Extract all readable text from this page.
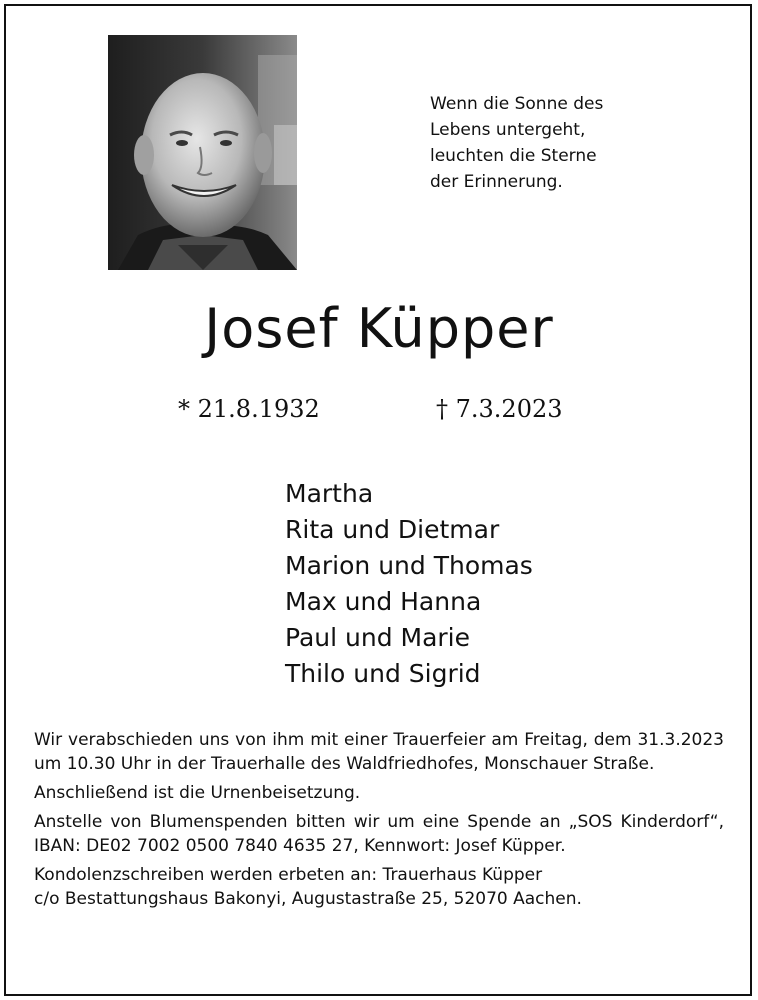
Wenn die Sonne des
Lebens untergeht,
leuchten die Sterne
der Erinnerung.
Josef Küpper
* 21.8.1932	† 7.3.2023
Martha
Rita und Dietmar
Marion und Thomas
Max und Hanna
Paul und Marie
Thilo und Sigrid

Wir verabschieden uns von ihm mit einer Trauerfeier am Freitag, dem 31.3.2023 um 10.30 Uhr in der Trauerhalle des Waldfriedhofes, Monschauer Straße.

Anschließend ist die Urnenbeisetzung.

Anstelle von Blumenspenden bitten wir um eine Spende an „SOS Kinderdorf“, IBAN: DE02 7002 0500 7840 4635 27, Kennwort: Josef Küpper.

Kondolenzschreiben werden erbeten an: Trauerhaus Küpper
c/o Bestattungshaus Bakonyi, Augustastraße 25, 52070 Aachen.
